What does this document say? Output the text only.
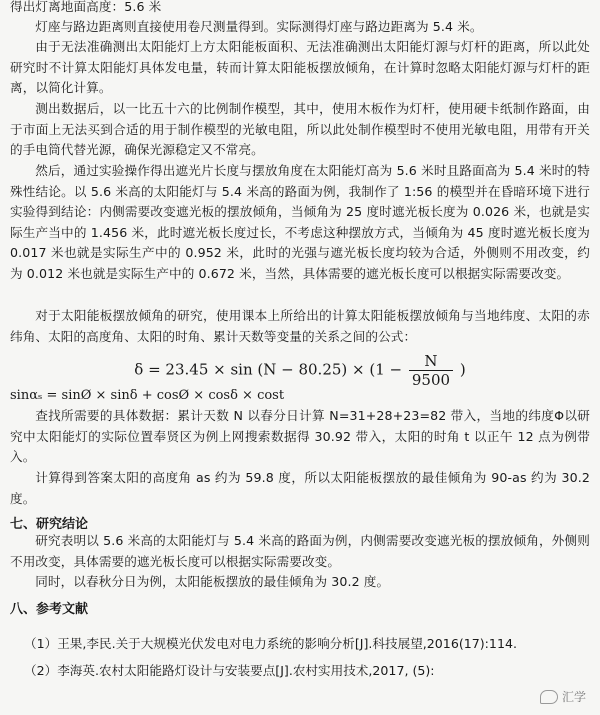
得出灯离地面高度：5.6 米
灯座与路边距离则直接使用卷尺测量得到。实际测得灯座与路边距离为 5.4 米。
由于无法准确测出太阳能灯上方太阳能板面积、无法准确测出太阳能灯源与灯杆的距离，所以此处研究时不计算太阳能灯具体发电量，转而计算太阳能板摆放倾角，在计算时忽略太阳能灯源与灯杆的距离，以简化计算。
测出数据后，以一比五十六的比例制作模型，其中，使用木板作为灯杆，使用硬卡纸制作路面，由于市面上无法买到合适的用于制作模型的光敏电阻，所以此处制作模型时不使用光敏电阻，用带有开关的手电筒代替光源，确保光源稳定又不常亮。
然后，通过实验操作得出遮光片长度与摆放角度在太阳能灯高为 5.6 米时且路面高为 5.4 米时的特殊性结论。以 5.6 米高的太阳能灯与 5.4 米高的路面为例，我制作了 1:56 的模型并在昏暗环境下进行实验得到结论：内侧需要改变遮光板的摆放倾角，当倾角为 25 度时遮光板长度为 0.026 米，也就是实际生产当中的 1.456 米，此时遮光板长度过长，不考虑这种摆放方式，当倾角为 45 度时遮光板长度为 0.017 米也就是实际生产中的 0.952 米，此时的光强与遮光板长度均较为合适，外侧则不用改变，约为 0.012 米也就是实际生产中的 0.672 米，当然，具体需要的遮光板长度可以根据实际需要改变。
对于太阳能板摆放倾角的研究，使用课本上所给出的计算太阳能板摆放倾角与当地纬度、太阳的赤纬角、太阳的高度角、太阳的时角、累计天数等变量的关系之间的公式：
$\delta = 23.45 \times \sin (N - 80.25) \times (1 - \frac{N}{9500}$ )
sinαₛ = sinØ × sinδ + cosØ × cosδ × cost
查找所需要的具体数据：累计天数 N 以春分日计算 N=31+28+23=82 带入，当地的纬度Φ以研究中太阳能灯的实际位置奉贤区为例上网搜索数据得 30.92 带入，太阳的时角 t 以正午 12 点为例带入。
计算得到答案太阳的高度角 as 约为 59.8 度，所以太阳能板摆放的最佳倾角为 90-as 约为 30.2 度。
七、研究结论
研究表明以 5.6 米高的太阳能灯与 5.4 米高的路面为例，内侧需要改变遮光板的摆放倾角，外侧则不用改变，具体需要的遮光板长度可以根据实际需要改变。
同时，以春秋分日为例，太阳能板摆放的最佳倾角为 30.2 度。
八、参考文献
（1）王果,李民.关于大规模光伏发电对电力系统的影响分析[J].科技展望,2016(17):114.
（2）李海英.农村太阳能路灯设计与安装要点[J].农村实用技术,2017, (5):
汇学
